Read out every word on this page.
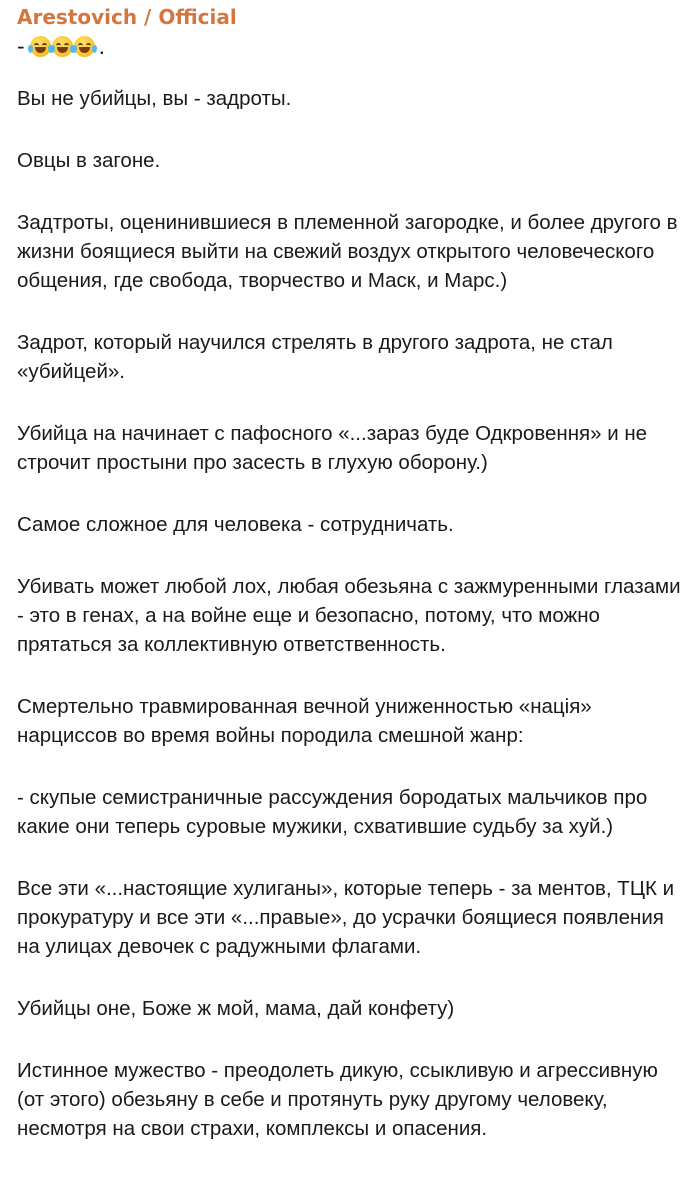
Arestovich / Official
-	.

Вы не убийцы, вы - задроты.

Овцы в загоне.

Задтроты, оценинившиеся в племенной загородке, и более другого в жизни боящиеся выйти на свежий воздух открытого человеческого общения, где свобода, творчество и Маск, и Марс.)

Задрот, который научился стрелять в другого задрота, не стал «убийцей».

Убийца на начинает с пафосного «...зараз буде Одкровення» и не строчит простыни про засесть в глухую оборону.)

Самое сложное для человека - сотрудничать.

Убивать может любой лох, любая обезьяна с зажмуренными глазами - это в генах, а на войне еще и безопасно, потому, что можно прятаться за коллективную ответственность.

Смертельно травмированная вечной униженностью «нація» нарциссов во время войны породила смешной жанр:

- скупые семистраничные рассуждения бородатых мальчиков про какие они теперь суровые мужики, схватившие судьбу за хуй.)

Все эти «...настоящие хулиганы», которые теперь - за ментов, ТЦК и прокуратуру и все эти «...правые», до усрачки боящиеся появления на улицах девочек с радужными флагами.

Убийцы оне, Боже ж мой, мама, дай конфету)

Истинное мужество - преодолеть дикую, ссыкливую и агрессивную (от этого) обезьяну в себе и протянуть руку другому человеку, несмотря на свои страхи, комплексы и опасения.
